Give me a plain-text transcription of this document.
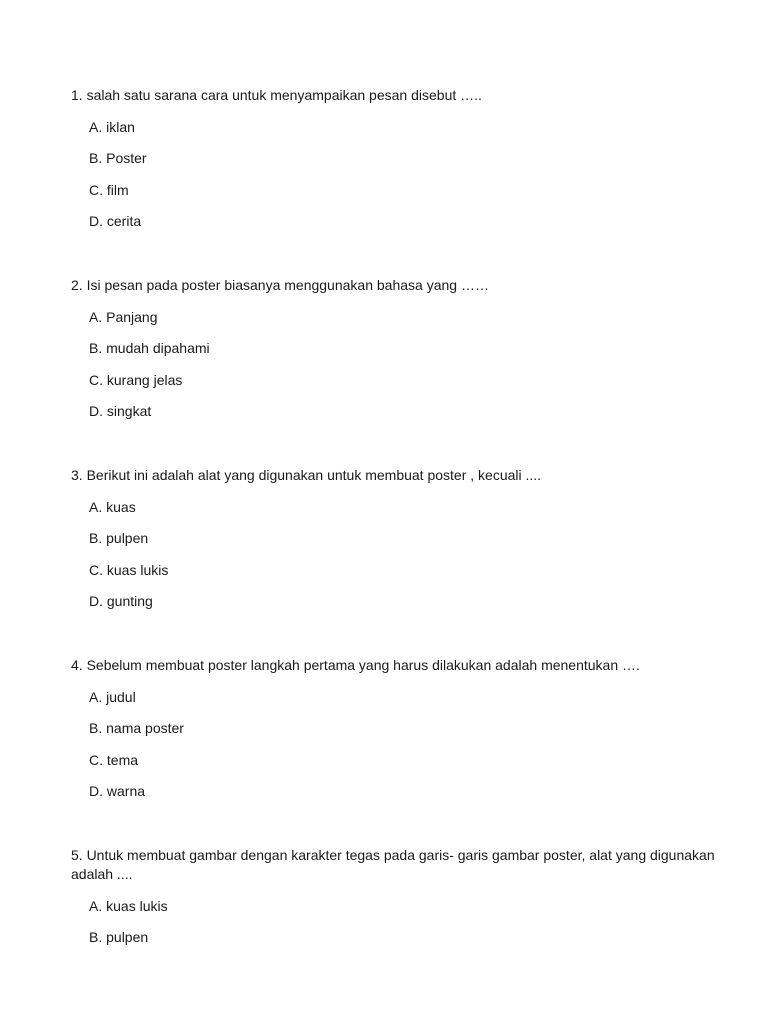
1. salah satu sarana cara untuk menyampaikan pesan disebut …..

A. iklan
B. Poster
C. film
D. cerita

2. Isi pesan pada poster biasanya menggunakan bahasa yang ……

A. Panjang
B. mudah dipahami
C. kurang jelas
D. singkat

3. Berikut ini adalah alat yang digunakan untuk membuat poster , kecuali ....

A. kuas
B. pulpen
C. kuas lukis
D. gunting

4. Sebelum membuat poster langkah pertama yang harus dilakukan adalah menentukan ….

A. judul
B. nama poster
C. tema
D. warna

5. Untuk membuat gambar dengan karakter tegas pada garis- garis gambar poster, alat yang digunakan adalah ....

A. kuas lukis
B. pulpen
